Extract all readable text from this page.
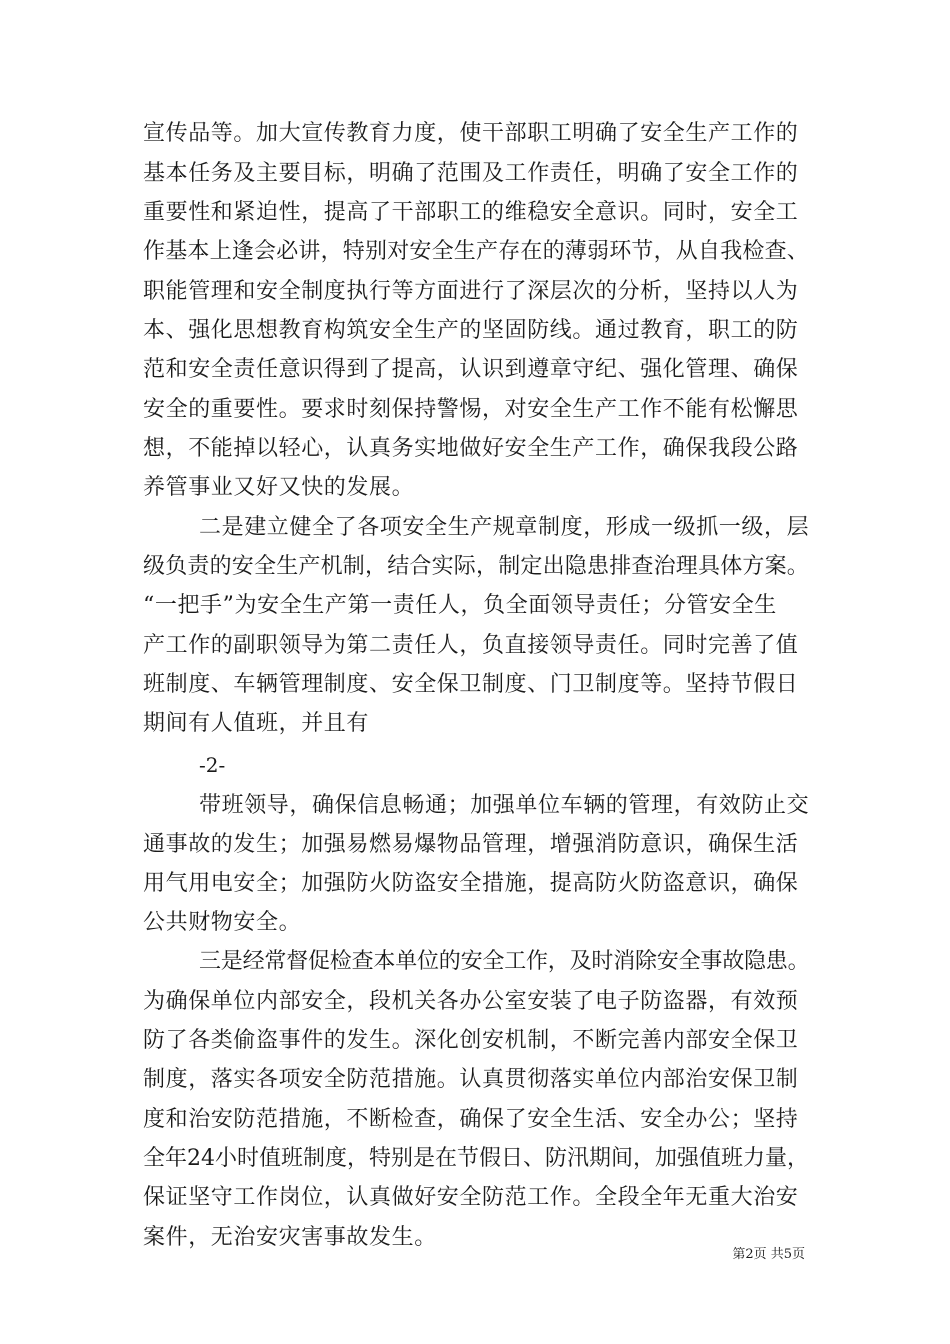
宣传品等。加大宣传教育力度，使干部职工明确了安全生产工作的
基本任务及主要目标，明确了范围及工作责任，明确了安全工作的
重要性和紧迫性，提高了干部职工的维稳安全意识。同时，安全工
作基本上逢会必讲，特别对安全生产存在的薄弱环节，从自我检查、
职能管理和安全制度执行等方面进行了深层次的分析，坚持以人为
本、强化思想教育构筑安全生产的坚固防线。通过教育，职工的防
范和安全责任意识得到了提高，认识到遵章守纪、强化管理、确保
安全的重要性。要求时刻保持警惕，对安全生产工作不能有松懈思
想，不能掉以轻心，认真务实地做好安全生产工作，确保我段公路
养管事业又好又快的发展。
二是建立健全了各项安全生产规章制度，形成一级抓一级，层
级负责的安全生产机制，结合实际，制定出隐患排查治理具体方案。
“一把手”为安全生产第一责任人，负全面领导责任；分管安全生
产工作的副职领导为第二责任人，负直接领导责任。同时完善了值
班制度、车辆管理制度、安全保卫制度、门卫制度等。坚持节假日
期间有人值班，并且有
-2-
带班领导，确保信息畅通；加强单位车辆的管理，有效防止交
通事故的发生；加强易燃易爆物品管理，增强消防意识，确保生活
用气用电安全；加强防火防盗安全措施，提高防火防盗意识，确保
公共财物安全。
三是经常督促检查本单位的安全工作，及时消除安全事故隐患。
为确保单位内部安全，段机关各办公室安装了电子防盗器，有效预
防了各类偷盗事件的发生。深化创安机制，不断完善内部安全保卫
制度，落实各项安全防范措施。认真贯彻落实单位内部治安保卫制
度和治安防范措施，不断检查，确保了安全生活、安全办公；坚持
全年24小时值班制度，特别是在节假日、防汛期间，加强值班力量，
保证坚守工作岗位，认真做好安全防范工作。全段全年无重大治安
案件，无治安灾害事故发生。
第2页 共5页
